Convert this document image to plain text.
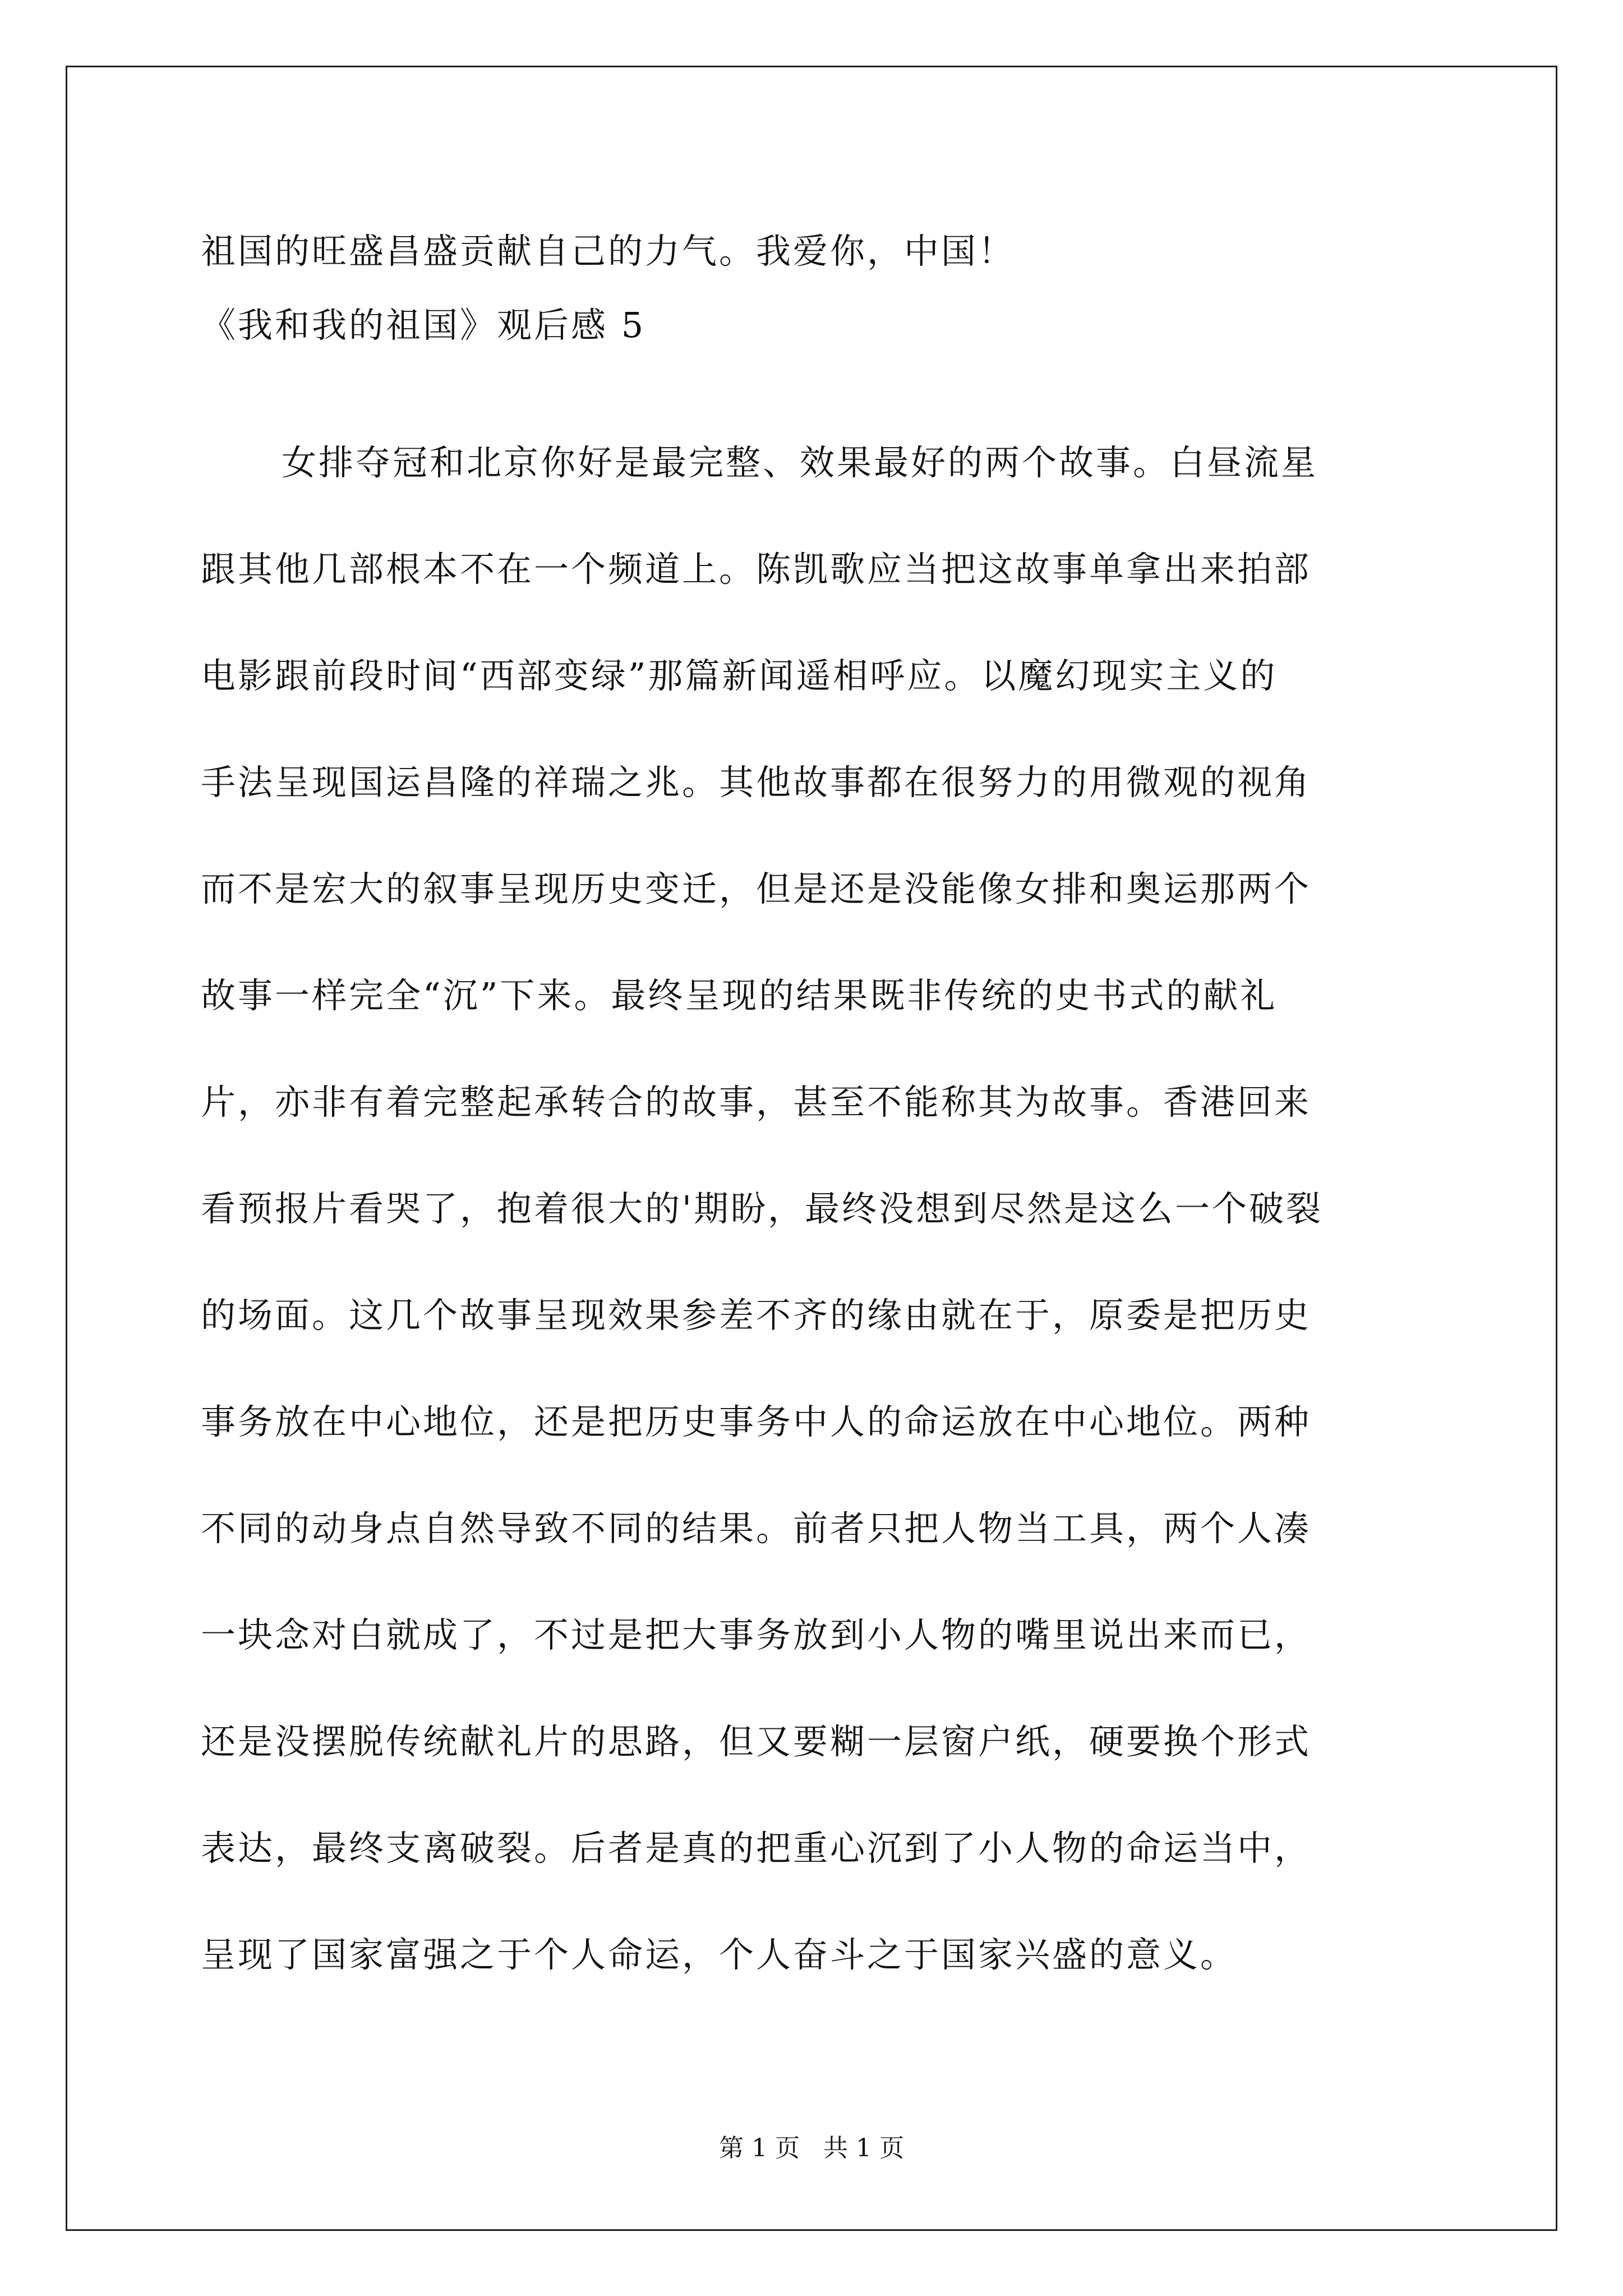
祖国的旺盛昌盛贡献自己的力气。我爱你，中国！
《我和我的祖国》观后感 5
女排夺冠和北京你好是最完整、效果最好的两个故事。白昼流星
跟其他几部根本不在一个频道上。陈凯歌应当把这故事单拿出来拍部
电影跟前段时间“西部变绿”那篇新闻遥相呼应。以魔幻现实主义的
手法呈现国运昌隆的祥瑞之兆。其他故事都在很努力的用微观的视角
而不是宏大的叙事呈现历史变迁，但是还是没能像女排和奥运那两个
故事一样完全“沉”下来。最终呈现的结果既非传统的史书式的献礼
片，亦非有着完整起承转合的故事，甚至不能称其为故事。香港回来
看预报片看哭了，抱着很大的'期盼，最终没想到尽然是这么一个破裂
的场面。这几个故事呈现效果参差不齐的缘由就在于，原委是把历史
事务放在中心地位，还是把历史事务中人的命运放在中心地位。两种
不同的动身点自然导致不同的结果。前者只把人物当工具，两个人凑
一块念对白就成了，不过是把大事务放到小人物的嘴里说出来而已，
还是没摆脱传统献礼片的思路，但又要糊一层窗户纸，硬要换个形式
表达，最终支离破裂。后者是真的把重心沉到了小人物的命运当中，
呈现了国家富强之于个人命运，个人奋斗之于国家兴盛的意义。
第 1 页 共 1 页
